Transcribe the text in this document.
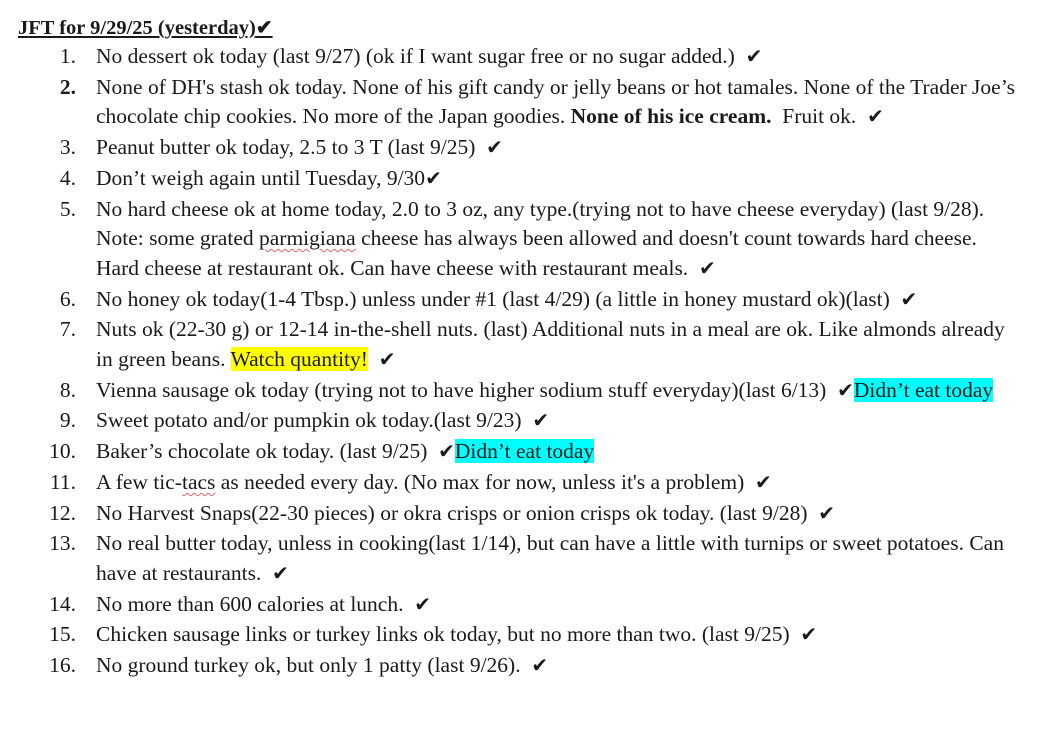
JFT for 9/29/25 (yesterday)✔
1. No dessert ok today (last 9/27) (ok if I want sugar free or no sugar added.) ✔
2. None of DH's stash ok today. None of his gift candy or jelly beans or hot tamales. None of the Trader Joe’s chocolate chip cookies. No more of the Japan goodies. None of his ice cream. Fruit ok. ✔
3. Peanut butter ok today, 2.5 to 3 T (last 9/25) ✔
4. Don’t weigh again until Tuesday, 9/30✔
5. No hard cheese ok at home today, 2.0 to 3 oz, any type.(trying not to have cheese everyday) (last 9/28). Note: some grated parmigiana cheese has always been allowed and doesn't count towards hard cheese. Hard cheese at restaurant ok. Can have cheese with restaurant meals. ✔
6. No honey ok today(1-4 Tbsp.) unless under #1 (last 4/29) (a little in honey mustard ok)(last) ✔
7. Nuts ok (22-30 g) or 12-14 in-the-shell nuts. (last) Additional nuts in a meal are ok. Like almonds already in green beans. Watch quantity! ✔
8. Vienna sausage ok today (trying not to have higher sodium stuff everyday)(last 6/13) ✔Didn’t eat today
9. Sweet potato and/or pumpkin ok today.(last 9/23) ✔
10. Baker’s chocolate ok today. (last 9/25) ✔Didn’t eat today
11. A few tic-tacs as needed every day. (No max for now, unless it's a problem) ✔
12. No Harvest Snaps(22-30 pieces) or okra crisps or onion crisps ok today. (last 9/28) ✔
13. No real butter today, unless in cooking(last 1/14), but can have a little with turnips or sweet potatoes. Can have at restaurants. ✔
14. No more than 600 calories at lunch. ✔
15. Chicken sausage links or turkey links ok today, but no more than two. (last 9/25) ✔
16. No ground turkey ok, but only 1 patty (last 9/26). ✔
